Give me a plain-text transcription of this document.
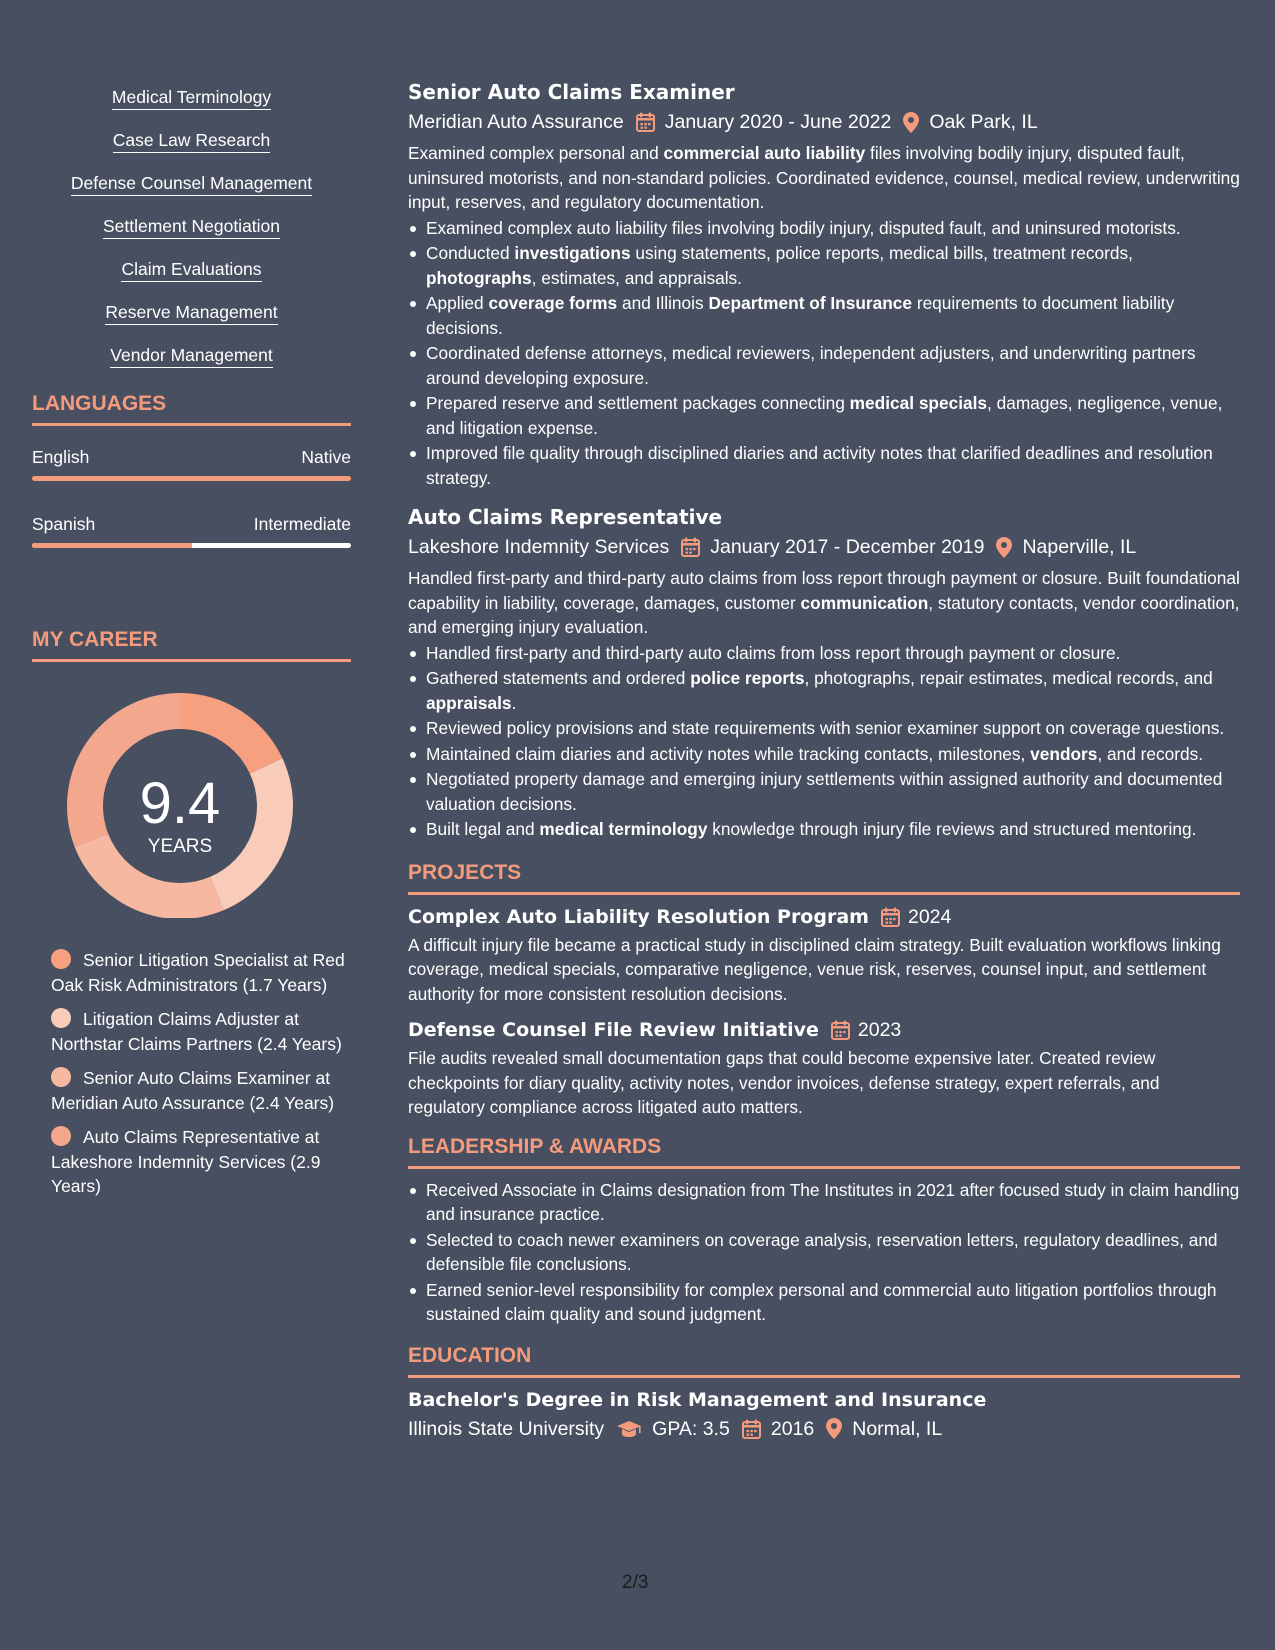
Medical Terminology
Case Law Research
Defense Counsel Management
Settlement Negotiation
Claim Evaluations
Reserve Management
Vendor Management
LANGUAGES
English	Native
Spanish	Intermediate
MY CAREER
9.4
YEARS
Senior Litigation Specialist at Red Oak Risk Administrators (1.7 Years)
Litigation Claims Adjuster at Northstar Claims Partners (2.4 Years)
Senior Auto Claims Examiner at Meridian Auto Assurance (2.4 Years)
Auto Claims Representative at Lakeshore Indemnity Services (2.9 Years)
Senior Auto Claims Examiner
Meridian Auto Assurance January 2020 - June 2022 Oak Park, IL

Examined complex personal and commercial auto liability files involving bodily injury, disputed fault, uninsured motorists, and non-standard policies. Coordinated evidence, counsel, medical review, underwriting input, reserves, and regulatory documentation.

Examined complex auto liability files involving bodily injury, disputed fault, and uninsured motorists.
Conducted investigations using statements, police reports, medical bills, treatment records, photographs, estimates, and appraisals.
Applied coverage forms and Illinois Department of Insurance requirements to document liability decisions.
Coordinated defense attorneys, medical reviewers, independent adjusters, and underwriting partners around developing exposure.
Prepared reserve and settlement packages connecting medical specials, damages, negligence, venue, and litigation expense.
Improved file quality through disciplined diaries and activity notes that clarified deadlines and resolution strategy.
Auto Claims Representative
Lakeshore Indemnity Services January 2017 - December 2019 Naperville, IL

Handled first-party and third-party auto claims from loss report through payment or closure. Built foundational capability in liability, coverage, damages, customer communication, statutory contacts, vendor coordination, and emerging injury evaluation.

Handled first-party and third-party auto claims from loss report through payment or closure.
Gathered statements and ordered police reports, photographs, repair estimates, medical records, and appraisals.
Reviewed policy provisions and state requirements with senior examiner support on coverage questions.
Maintained claim diaries and activity notes while tracking contacts, milestones, vendors, and records.
Negotiated property damage and emerging injury settlements within assigned authority and documented valuation decisions.
Built legal and medical terminology knowledge through injury file reviews and structured mentoring.
PROJECTS
Complex Auto Liability Resolution Program 2024

A difficult injury file became a practical study in disciplined claim strategy. Built evaluation workflows linking coverage, medical specials, comparative negligence, venue risk, reserves, counsel input, and settlement authority for more consistent resolution decisions.

Defense Counsel File Review Initiative 2023

File audits revealed small documentation gaps that could become expensive later. Created review checkpoints for diary quality, activity notes, vendor invoices, defense strategy, expert referrals, and regulatory compliance across litigated auto matters.

LEADERSHIP & AWARDS
Received Associate in Claims designation from The Institutes in 2021 after focused study in claim handling and insurance practice.
Selected to coach newer examiners on coverage analysis, reservation letters, regulatory deadlines, and defensible file conclusions.
Earned senior-level responsibility for complex personal and commercial auto litigation portfolios through sustained claim quality and sound judgment.
EDUCATION
Bachelor's Degree in Risk Management and Insurance
Illinois State University GPA: 3.5 2016 Normal, IL
2/3
